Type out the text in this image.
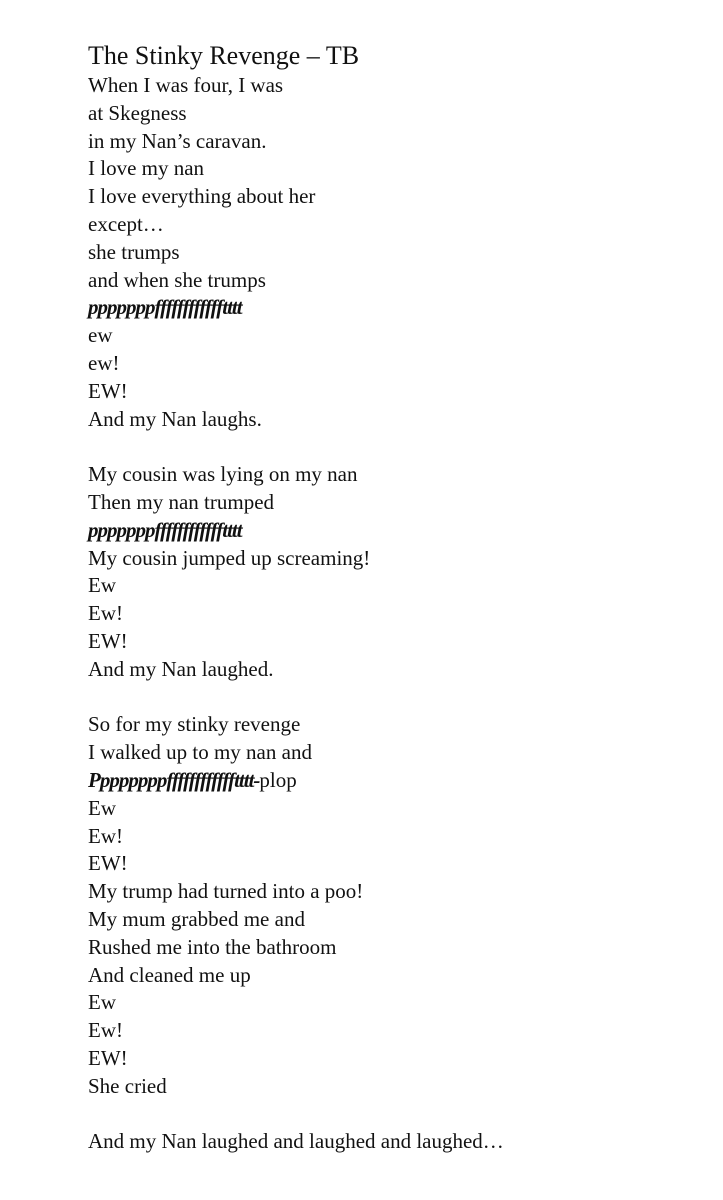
The Stinky Revenge – TB
When I was four, I was
at Skegness
in my Nan’s caravan.
I love my nan
I love everything about her
except…
she trumps
and when she trumps
pppppppfffffffffffftttt
ew
ew!
EW!
And my Nan laughs.
My cousin was lying on my nan
Then my nan trumped
pppppppfffffffffffftttt
My cousin jumped up screaming!
Ew
Ew!
EW!
And my Nan laughed.
So for my stinky revenge
I walked up to my nan and
Ppppppppfffffffffffftttt-plop
Ew
Ew!
EW!
My trump had turned into a poo!
My mum grabbed me and
Rushed me into the bathroom
And cleaned me up
Ew
Ew!
EW!
She cried
And my Nan laughed and laughed and laughed…
